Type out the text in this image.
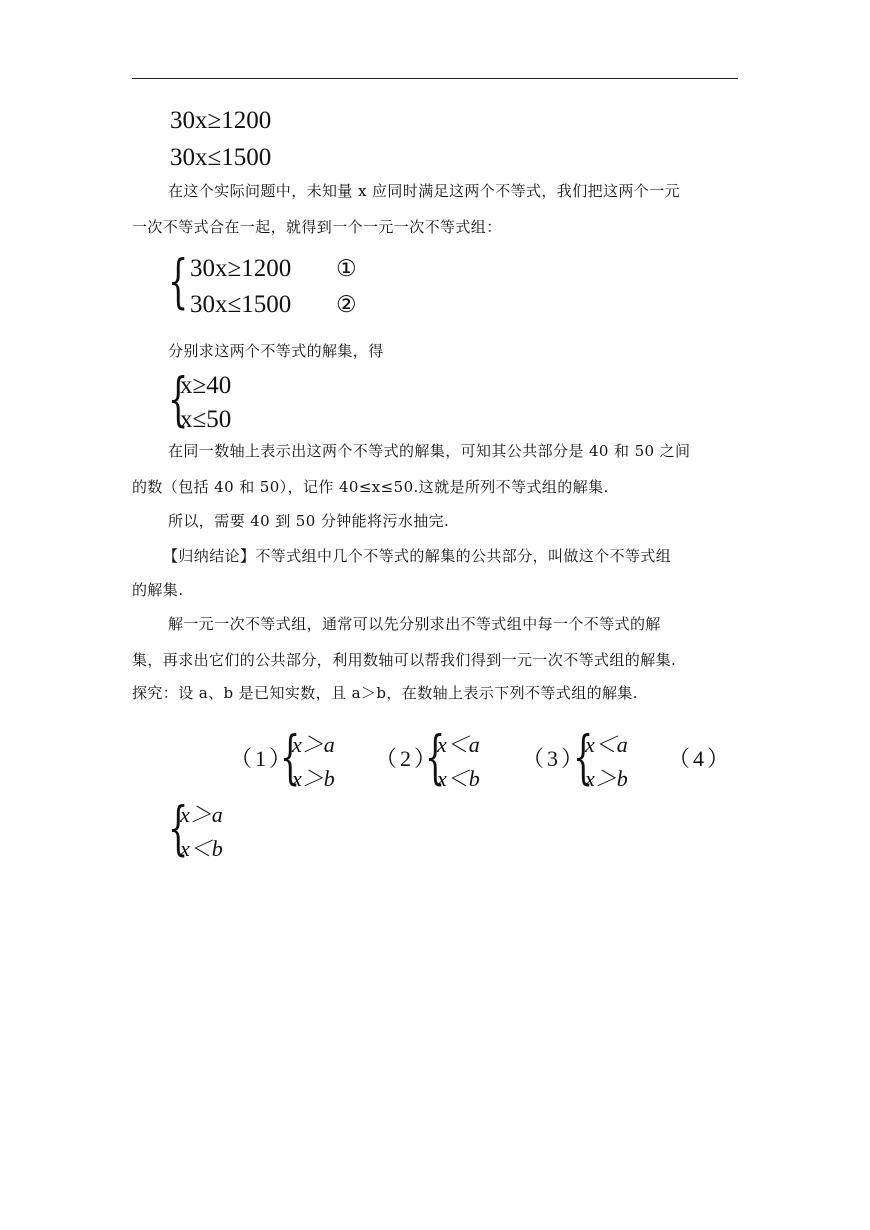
30x≥1200
30x≤1500
在这个实际问题中，未知量 x 应同时满足这两个不等式，我们把这两个一元
一次不等式合在一起，就得到一个一元一次不等式组：
{ 30x≥1200 ①
30x≤1500 ②
分别求这两个不等式的解集，得
{
x≥40
x≤50
在同一数轴上表示出这两个不等式的解集，可知其公共部分是 40 和 50 之间
的数（包括 40 和 50），记作 40≤x≤50.这就是所列不等式组的解集.
所以，需要 40 到 50 分钟能将污水抽完.
【归纳结论】不等式组中几个不等式的解集的公共部分，叫做这个不等式组
的解集.
解一元一次不等式组，通常可以先分别求出不等式组中每一个不等式的解
集，再求出它们的公共部分，利用数轴可以帮我们得到一元一次不等式组的解集.
探究：设 a、b 是已知实数，且 a＞b，在数轴上表示下列不等式组的解集.
（1）
{
x＞a
x＞b
（2）
{
x＜a
x＜b
（3）
{
x＜a
x＞b
（4）
{
x＞a
x＜b
